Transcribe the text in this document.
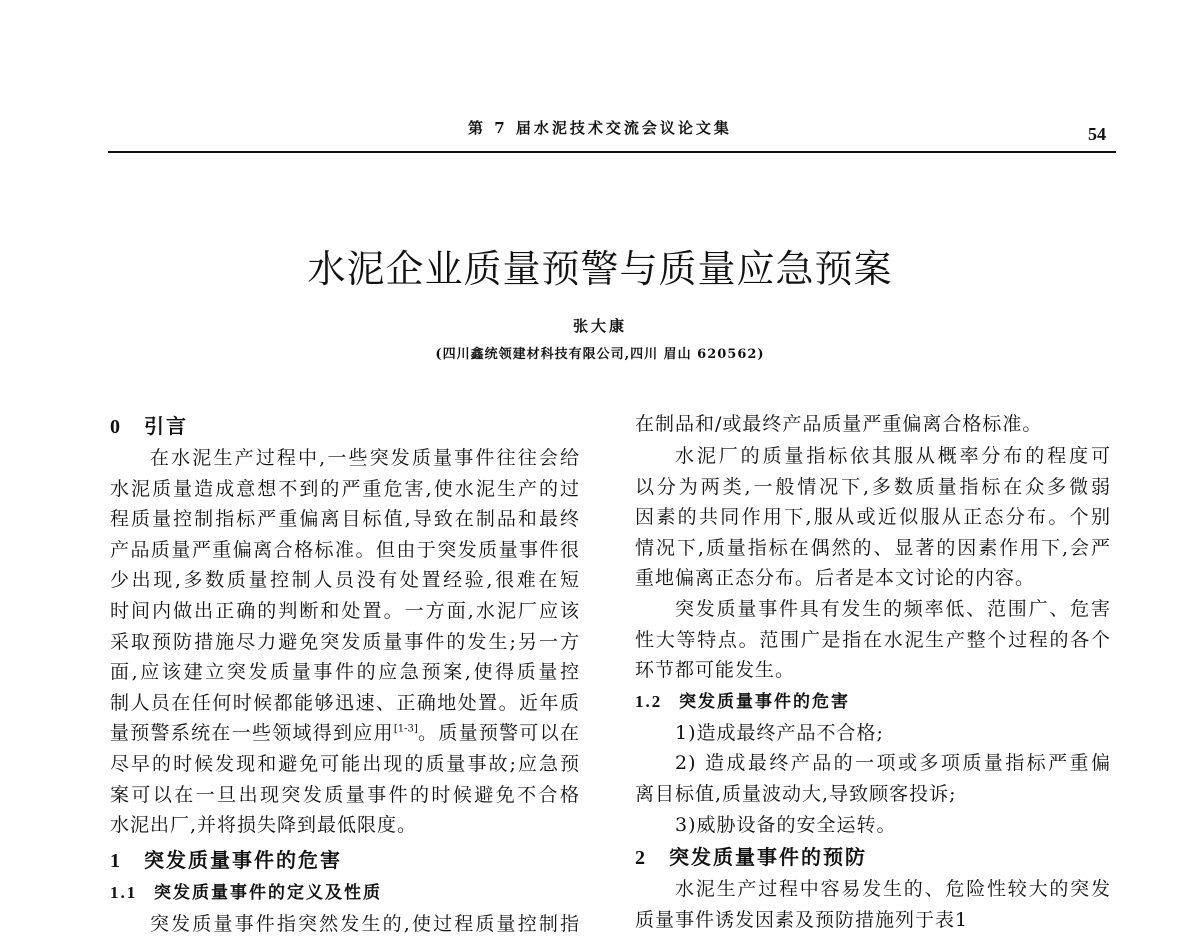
第 7 届水泥技术交流会议论文集	54
水泥企业质量预警与质量应急预案
张大康
(四川鑫统领建材科技有限公司,四川 眉山 620562)
0 引言
在水泥生产过程中,一些突发质量事件往往会给
水泥质量造成意想不到的严重危害,使水泥生产的过
程质量控制指标严重偏离目标值,导致在制品和最终
产品质量严重偏离合格标准。但由于突发质量事件很
少出现,多数质量控制人员没有处置经验,很难在短
时间内做出正确的判断和处置。一方面,水泥厂应该
采取预防措施尽力避免突发质量事件的发生;另一方
面,应该建立突发质量事件的应急预案,使得质量控
制人员在任何时候都能够迅速、正确地处置。近年质
量预警系统在一些领域得到应用[1-3]。质量预警可以在
尽早的时候发现和避免可能出现的质量事故;应急预
案可以在一旦出现突发质量事件的时候避免不合格
水泥出厂,并将损失降到最低限度。
1 突发质量事件的危害
1.1 突发质量事件的定义及性质
突发质量事件指突然发生的,使过程质量控制指
在制品和/或最终产品质量严重偏离合格标准。
水泥厂的质量指标依其服从概率分布的程度可
以分为两类,一般情况下,多数质量指标在众多微弱
因素的共同作用下,服从或近似服从正态分布。个别
情况下,质量指标在偶然的、显著的因素作用下,会严
重地偏离正态分布。后者是本文讨论的内容。
突发质量事件具有发生的频率低、范围广、危害
性大等特点。范围广是指在水泥生产整个过程的各个
环节都可能发生。
1.2 突发质量事件的危害
1)造成最终产品不合格;
2) 造成最终产品的一项或多项质量指标严重偏
离目标值,质量波动大,导致顾客投诉;
3)威胁设备的安全运转。
2 突发质量事件的预防
水泥生产过程中容易发生的、危险性较大的突发
质量事件诱发因素及预防措施列于表1
